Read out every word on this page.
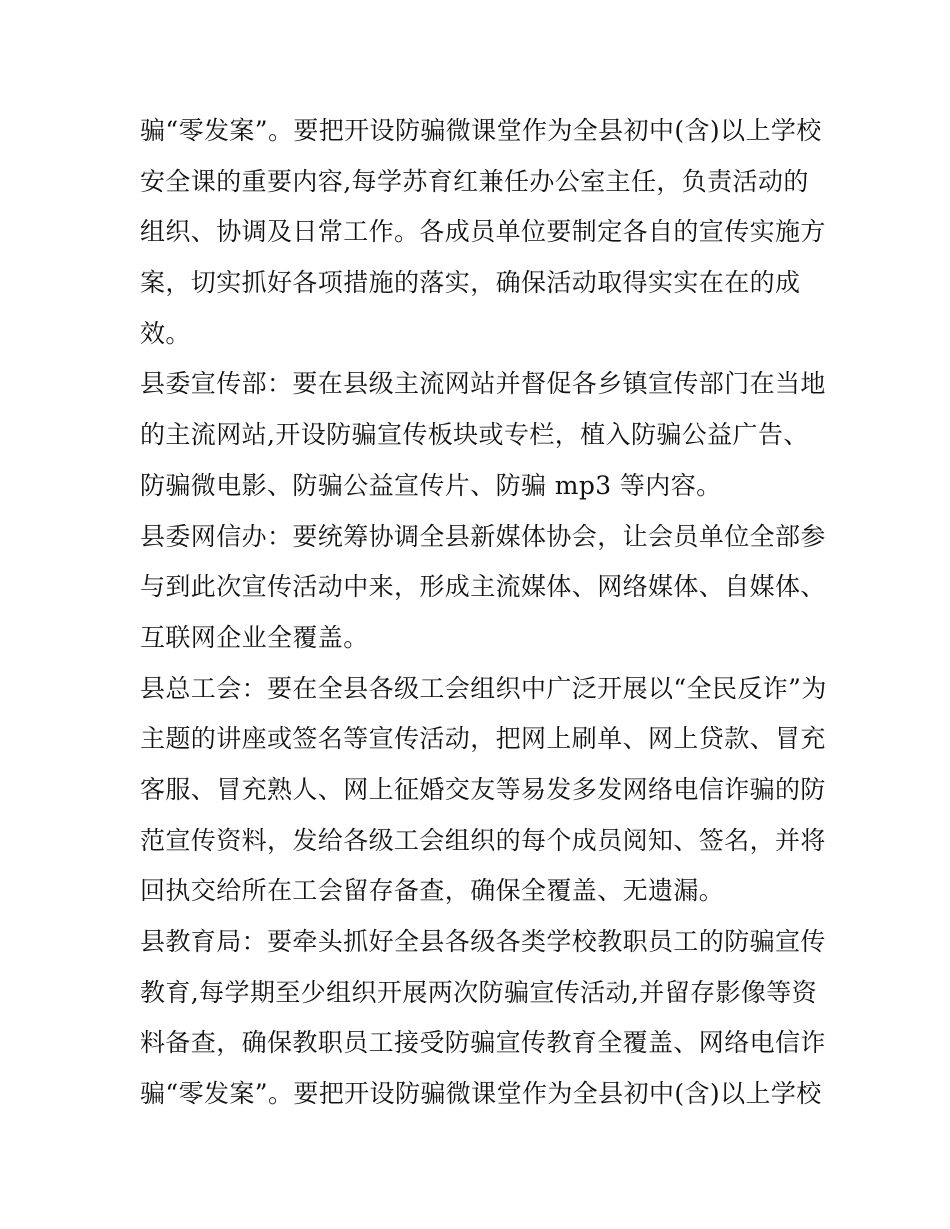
骗“零发案”。要把开设防骗微课堂作为全县初中(含)以上学校
安全课的重要内容,每学苏育红兼任办公室主任，负责活动的
组织、协调及日常工作。各成员单位要制定各自的宣传实施方
案，切实抓好各项措施的落实，确保活动取得实实在在的成
效。
县委宣传部：要在县级主流网站并督促各乡镇宣传部门在当地
的主流网站,开设防骗宣传板块或专栏，植入防骗公益广告、
防骗微电影、防骗公益宣传片、防骗 mp3 等内容。
县委网信办：要统筹协调全县新媒体协会，让会员单位全部参
与到此次宣传活动中来，形成主流媒体、网络媒体、自媒体、
互联网企业全覆盖。
县总工会：要在全县各级工会组织中广泛开展以“全民反诈”为
主题的讲座或签名等宣传活动，把网上刷单、网上贷款、冒充
客服、冒充熟人、网上征婚交友等易发多发网络电信诈骗的防
范宣传资料，发给各级工会组织的每个成员阅知、签名，并将
回执交给所在工会留存备查，确保全覆盖、无遗漏。
县教育局：要牵头抓好全县各级各类学校教职员工的防骗宣传
教育,每学期至少组织开展两次防骗宣传活动,并留存影像等资
料备查，确保教职员工接受防骗宣传教育全覆盖、网络电信诈
骗“零发案”。要把开设防骗微课堂作为全县初中(含)以上学校
